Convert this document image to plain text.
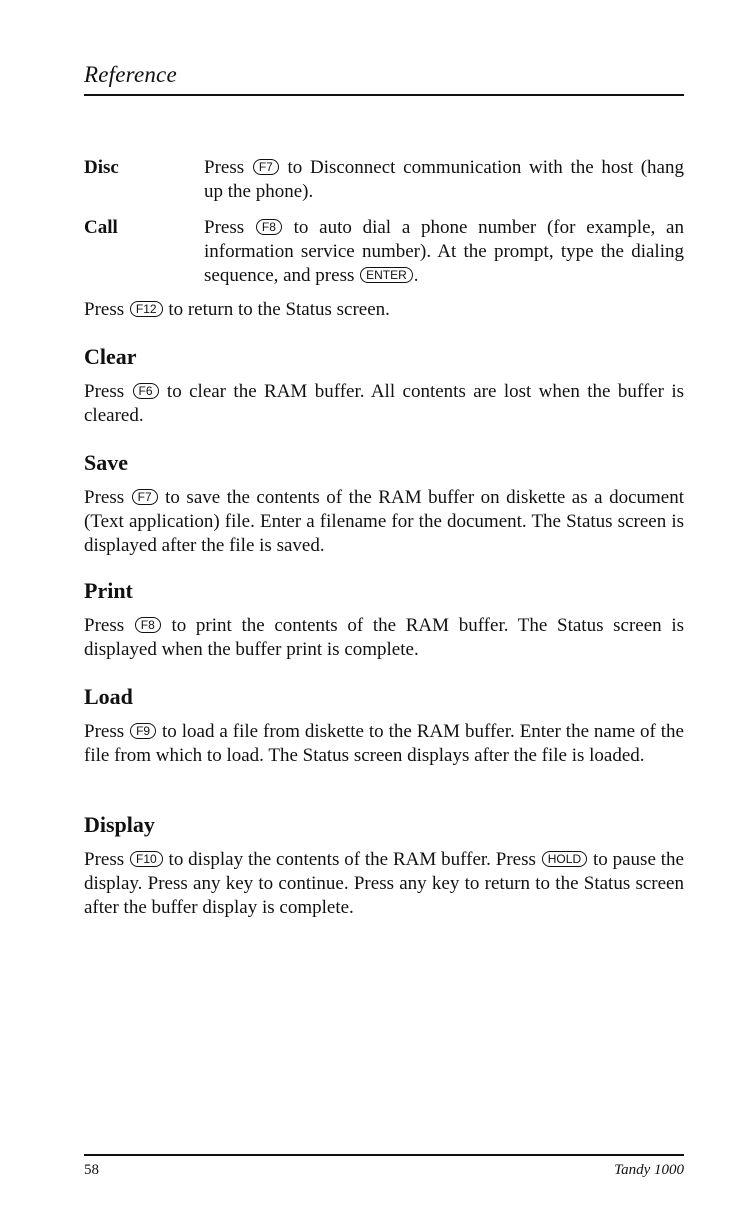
Reference
Disc	Press F7 to Disconnect communication with the host (hang up the phone).
Call	Press F8 to auto dial a phone number (for example, an information service number). At the prompt, type the dialing sequence, and press ENTER .
Press F12 to return to the Status screen.
Clear
Press F6 to clear the RAM buffer. All contents are lost when the buffer is cleared.
Save
Press F7 to save the contents of the RAM buffer on diskette as a document (Text application) file. Enter a filename for the document. The Status screen is displayed after the file is saved.
Print
Press F8 to print the contents of the RAM buffer. The Status screen is displayed when the buffer print is complete.
Load
Press F9 to load a file from diskette to the RAM buffer. Enter the name of the file from which to load. The Status screen displays after the file is loaded.
Display
Press F10 to display the contents of the RAM buffer. Press HOLD to pause the display. Press any key to continue. Press any key to return to the Status screen after the buffer display is complete.
58	Tandy 1000
